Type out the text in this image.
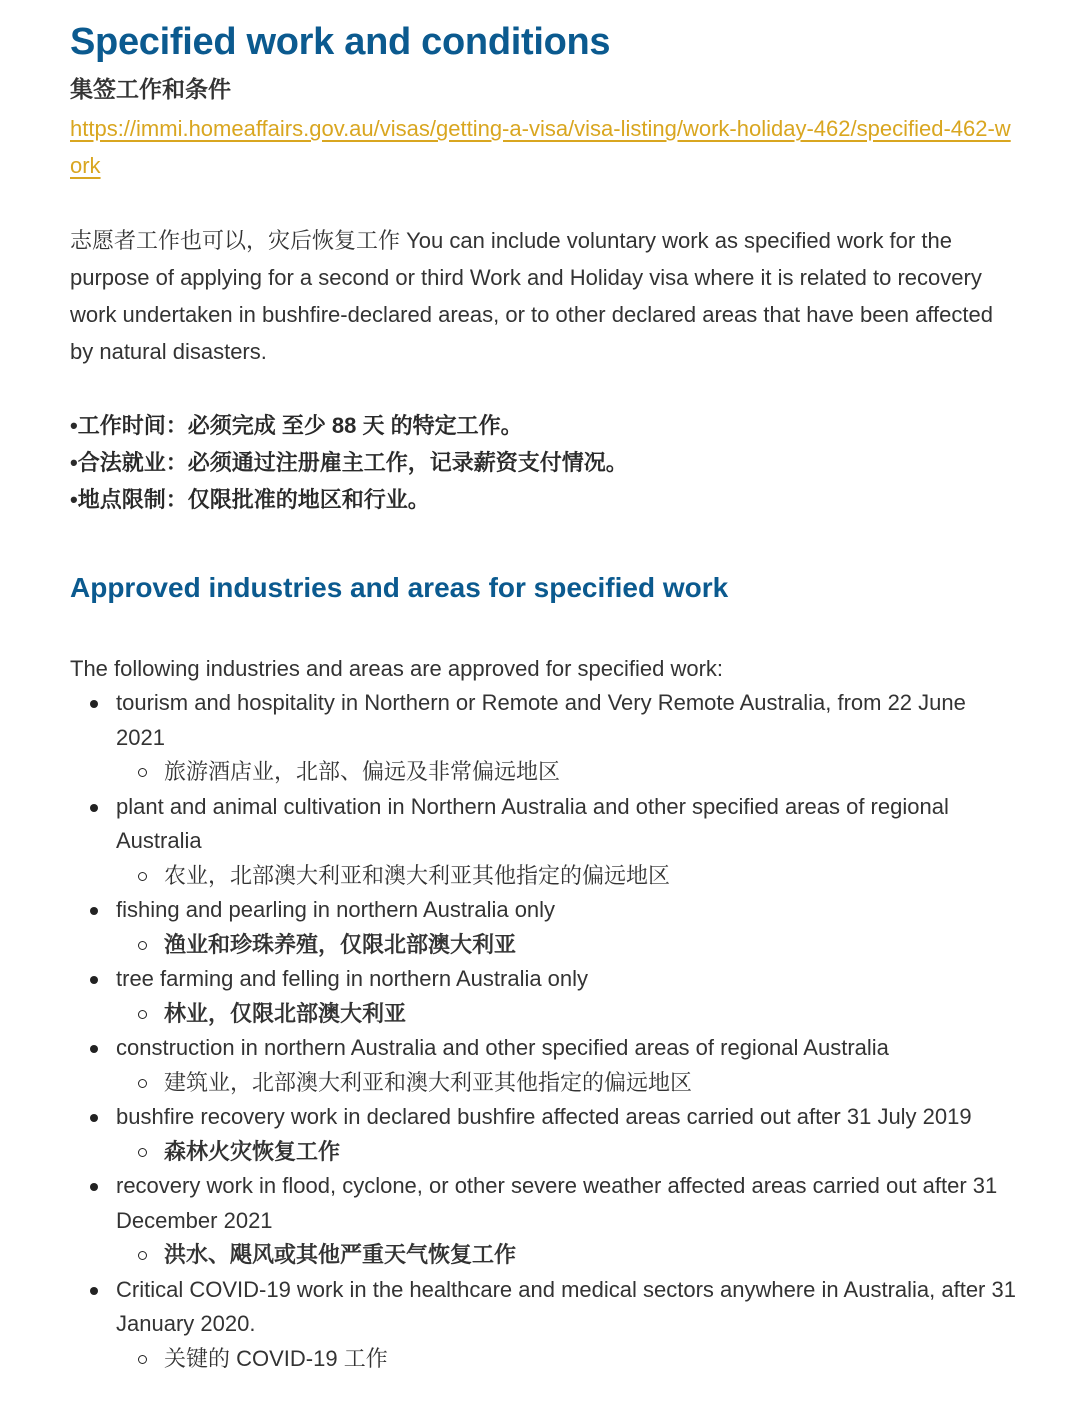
Specified work and conditions
集签工作和条件
https://immi.homeaffairs.gov.au/visas/getting-a-visa/visa-listing/work-holiday-462/specified-462-work

志愿者工作也可以，灾后恢复工作 You can include voluntary work as specified work for the purpose of applying for a second or third Work and Holiday visa where it is related to recovery work undertaken in bushfire-declared areas, or to other declared areas that have been affected by natural disasters.

•工作时间：必须完成 至少 88 天 的特定工作。
•合法就业：必须通过注册雇主工作，记录薪资支付情况。
•地点限制：仅限批准的地区和行业。
Approved industries and areas for specified work
The following industries and areas are approved for specified work:
tourism and hospitality in Northern or Remote and Very Remote Australia, from 22 June 2021
旅游酒店业，北部、偏远及非常偏远地区
plant and animal cultivation in Northern Australia and other specified areas of regional Australia
农业，北部澳大利亚和澳大利亚其他指定的偏远地区
fishing and pearling in northern Australia only
渔业和珍珠养殖，仅限北部澳大利亚
tree farming and felling in northern Australia only
林业，仅限北部澳大利亚
construction in northern Australia and other specified areas of regional Australia
建筑业，北部澳大利亚和澳大利亚其他指定的偏远地区
bushfire recovery work in declared bushfire affected areas carried out after 31 July 2019
森林火灾恢复工作
recovery work in flood, cyclone, or other severe weather affected areas carried out after 31 December 2021
洪水、飓风或其他严重天气恢复工作
Critical COVID-19 work in the healthcare and medical sectors anywhere in Australia, after 31 January 2020.
关键的 COVID-19 工作
